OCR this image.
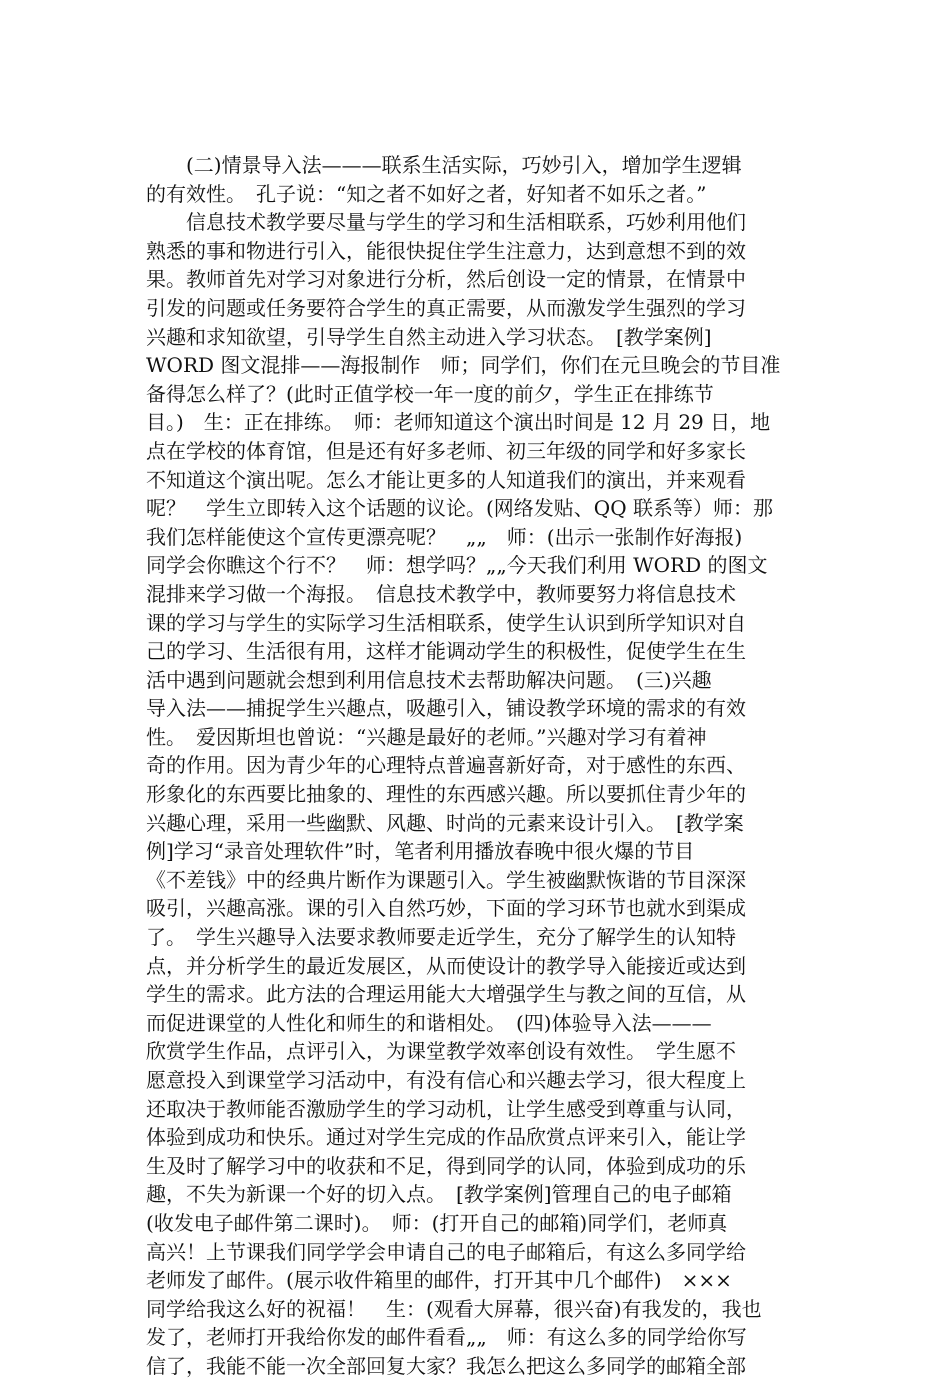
　　(二)情景导入法———联系生活实际，巧妙引入，增加学生逻辑
的有效性。　孔子说：“知之者不如好之者，好知者不如乐之者。”
　　信息技术教学要尽量与学生的学习和生活相联系，巧妙利用他们
熟悉的事和物进行引入，能很快捉住学生注意力，达到意想不到的效
果。教师首先对学习对象进行分析，然后创设一定的情景，在情景中
引发的问题或任务要符合学生的真正需要，从而激发学生强烈的学习
兴趣和求知欲望，引导学生自然主动进入学习状态。　[教学案例]
WORD 图文混排——海报制作　师；同学们，你们在元旦晚会的节目准
备得怎么样了？(此时正值学校一年一度的前夕，学生正在排练节
目。)　生：正在排练。　师：老师知道这个演出时间是 12 月 29 日，地
点在学校的体育馆，但是还有好多老师、初三年级的同学和好多家长
不知道这个演出呢。怎么才能让更多的人知道我们的演出，并来观看
呢？　学生立即转入这个话题的议论。(网络发贴、QQ 联系等）师：那
我们怎样能使这个宣传更漂亮呢？　„„　师：(出示一张制作好海报)
同学会你瞧这个行不？　师：想学吗？„„今天我们利用 WORD 的图文
混排来学习做一个海报。　信息技术教学中，教师要努力将信息技术
课的学习与学生的实际学习生活相联系，使学生认识到所学知识对自
己的学习、生活很有用，这样才能调动学生的积极性，促使学生在生
活中遇到问题就会想到利用信息技术去帮助解决问题。　(三)兴趣
导入法——捕捉学生兴趣点，吸趣引入，铺设教学环境的需求的有效
性。　爱因斯坦也曾说：“兴趣是最好的老师。”兴趣对学习有着神
奇的作用。因为青少年的心理特点普遍喜新好奇，对于感性的东西、
形象化的东西要比抽象的、理性的东西感兴趣。所以要抓住青少年的
兴趣心理，采用一些幽默、风趣、时尚的元素来设计引入。　[教学案
例]学习“录音处理软件”时，笔者利用播放春晚中很火爆的节目
《不差钱》中的经典片断作为课题引入。学生被幽默恢谐的节目深深
吸引，兴趣高涨。课的引入自然巧妙，下面的学习环节也就水到渠成
了。　学生兴趣导入法要求教师要走近学生，充分了解学生的认知特
点，并分析学生的最近发展区，从而使设计的教学导入能接近或达到
学生的需求。此方法的合理运用能大大增强学生与教之间的互信，从
而促进课堂的人性化和师生的和谐相处。　(四)体验导入法———
欣赏学生作品，点评引入，为课堂教学效率创设有效性。　学生愿不
愿意投入到课堂学习活动中，有没有信心和兴趣去学习，很大程度上
还取决于教师能否激励学生的学习动机，让学生感受到尊重与认同，
体验到成功和快乐。通过对学生完成的作品欣赏点评来引入，能让学
生及时了解学习中的收获和不足，得到同学的认同，体验到成功的乐
趣，不失为新课一个好的切入点。　[教学案例]管理自己的电子邮箱
(收发电子邮件第二课时)。　师：(打开自己的邮箱)同学们，老师真
高兴！上节课我们同学学会申请自己的电子邮箱后，有这么多同学给
老师发了邮件。(展示收件箱里的邮件，打开其中几个邮件)　×××
同学给我这么好的祝福！　生：(观看大屏幕，很兴奋)有我发的，我也
发了，老师打开我给你发的邮件看看„„　师：有这么多的同学给你写
信了，我能不能一次全部回复大家？我怎么把这么多同学的邮箱全部
